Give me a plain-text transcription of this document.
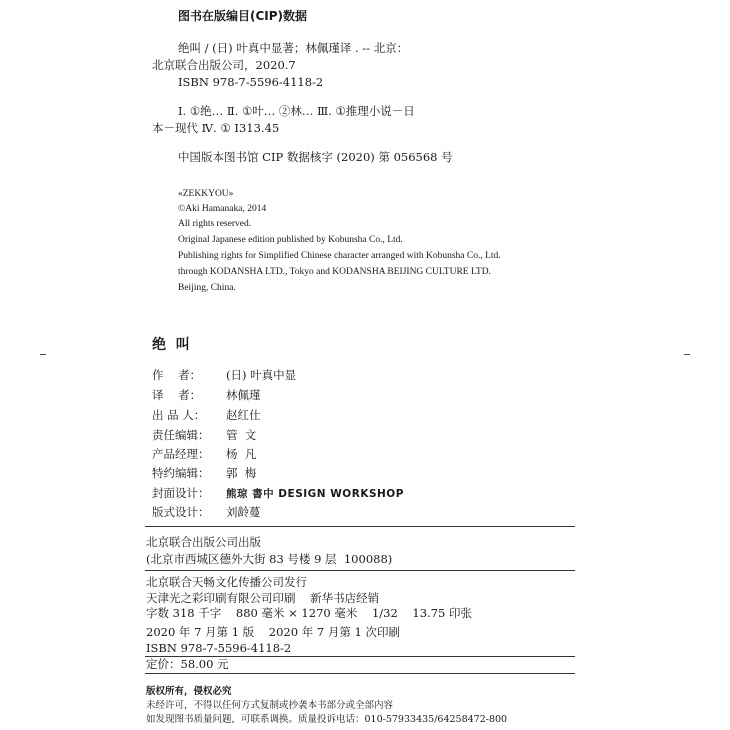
图书在版编目(CIP)数据
绝叫 / (日) 叶真中显著；林佩瑾译 . -- 北京：
北京联合出版公司，2020.7
ISBN 978-7-5596-4118-2
Ⅰ. ①绝… Ⅱ. ①叶… ②林… Ⅲ. ①推理小说－日
本－现代 Ⅳ. ① I313.45
中国版本图书馆 CIP 数据核字 (2020) 第 056568 号
«ZEKKYOU»
©Aki Hamanaka, 2014
All rights reserved.
Original Japanese edition published by Kobunsha Co., Ltd.
Publishing rights for Simplified Chinese character arranged with Kobunsha Co., Ltd.
through KODANSHA LTD., Tokyo and KODANSHA BEIJING CULTURE LTD.
Beijing, China.
绝  叫
作    者： (日) 叶真中显
译    者： 林佩瑾
出 品 人： 赵红仕
责任编辑： 管  文
产品经理： 杨  凡
特约编辑： 郭  梅
封面设计： 熊琼 書中 DESIGN WORKSHOP
版式设计： 刘龄蔓
北京联合出版公司出版
(北京市西城区德外大街 83 号楼 9 层  100088)
北京联合天畅文化传播公司发行
天津光之彩印刷有限公司印刷    新华书店经销
字数 318 千字    880 毫米 × 1270 毫米    1/32    13.75 印张
2020 年 7 月第 1 版    2020 年 7 月第 1 次印刷
ISBN 978-7-5596-4118-2
定价：58.00 元
版权所有，侵权必究
未经许可，不得以任何方式复制或抄袭本书部分或全部内容
如发现图书质量问题，可联系调换。质量投诉电话：010-57933435/64258472-800
